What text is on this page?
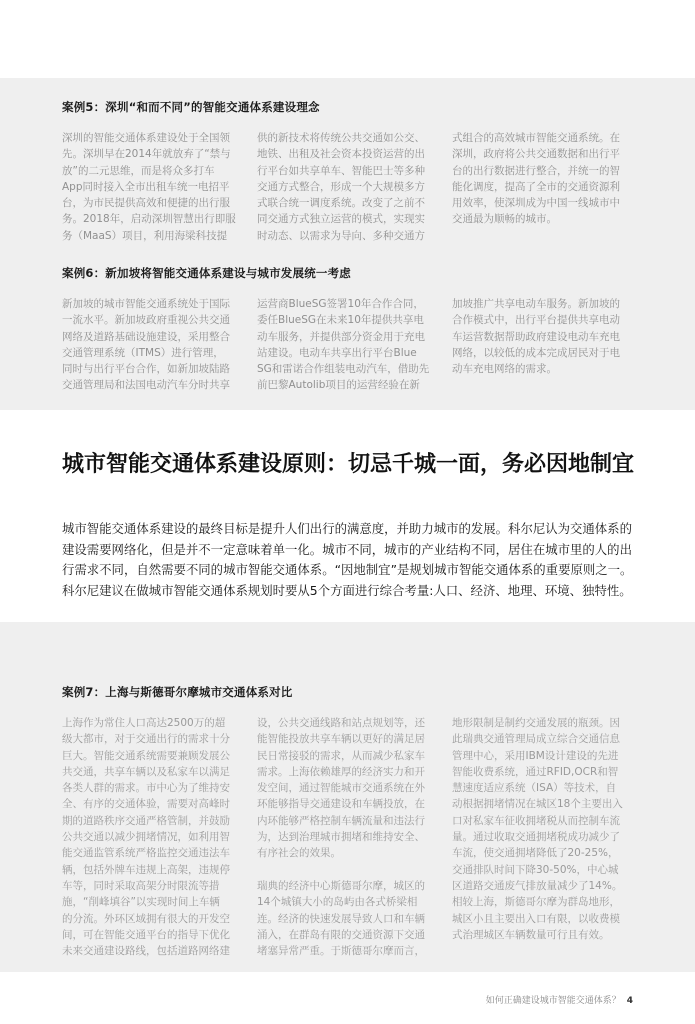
案例5：深圳“和而不同”的智能交通体系建设理念
深圳的智能交通体系建设处于全国领
先。深圳早在2014年就放弃了“禁与
放”的二元思维，而是将众多打车
App同时接入全市出租车统一电招平
台，为市民提供高效和便捷的出行服
务。2018年，启动深圳智慧出行即服
务（MaaS）项目，利用海梁科技提
供的新技术将传统公共交通如公交、
地铁、出租及社会资本投资运营的出
行平台如共享单车、智能巴士等多种
交通方式整合，形成一个大规模多方
式联合统一调度系统。改变了之前不
同交通方式独立运营的模式，实现实
时动态、以需求为导向、多种交通方
式组合的高效城市智能交通系统。在
深圳，政府将公共交通数据和出行平
台的出行数据进行整合，并统一的智
能化调度，提高了全市的交通资源利
用效率，使深圳成为中国一线城市中
交通最为顺畅的城市。
案例6：新加坡将智能交通体系建设与城市发展统一考虑
新加坡的城市智能交通系统处于国际
一流水平。新加坡政府重视公共交通
网络及道路基础设施建设，采用整合
交通管理系统（ITMS）进行管理，
同时与出行平台合作，如新加坡陆路
交通管理局和法国电动汽车分时共享
运营商BlueSG签署10年合作合同，
委任BlueSG在未来10年提供共享电
动车服务，并提供部分资金用于充电
站建设。电动车共享出行平台Blue
SG和雷诺合作组装电动汽车，借助先
前巴黎Autolib项目的运营经验在新
加坡推广共享电动车服务。新加坡的
合作模式中，出行平台提供共享电动
车运营数据帮助政府建设电动车充电
网络，以较低的成本完成居民对于电
动车充电网络的需求。
城市智能交通体系建设原则：切忌千城一面，务必因地制宜
城市智能交通体系建设的最终目标是提升人们出行的满意度，并助力城市的发展。科尔尼认为交通体系的建设需要网络化，但是并不一定意味着单一化。城市不同，城市的产业结构不同，居住在城市里的人的出行需求不同，自然需要不同的城市智能交通体系。“因地制宜”是规划城市智能交通体系的重要原则之一。科尔尼建议在做城市智能交通体系规划时要从5个方面进行综合考量:人口、经济、地理、环境、独特性。
案例7：上海与斯德哥尔摩城市交通体系对比
上海作为常住人口高达2500万的超
级大都市，对于交通出行的需求十分
巨大。智能交通系统需要兼顾发展公
共交通，共享车辆以及私家车以满足
各类人群的需求。市中心为了维持安
全、有序的交通体验，需要对高峰时
期的道路秩序交通严格管制，并鼓励
公共交通以减少拥堵情况，如利用智
能交通监管系统严格监控交通违法车
辆，包括外牌车违规上高架，违规停
车等，同时采取高架分时限流等措
施，“削峰填谷”以实现时间上车辆
的分流。外环区域拥有很大的开发空
间，可在智能交通平台的指导下优化
未来交通建设路线，包括道路网络建
设，公共交通线路和站点规划等，还
能智能投放共享车辆以更好的满足居
民日常接驳的需求，从而减少私家车
需求。上海依赖雄厚的经济实力和开
发空间，通过智能城市交通系统在外
环能够指导交通建设和车辆投放，在
内环能够严格控制车辆流量和违法行
为，达到治理城市拥堵和维持安全、
有序社会的效果。

瑞典的经济中心斯德哥尔摩，城区的
14个城镇大小的岛屿由各式桥梁相
连。经济的快速发展导致人口和车辆
涌入，在群岛有限的交通资源下交通
堵塞异常严重。于斯德哥尔摩而言，
地形限制是制约交通发展的瓶颈。因
此瑞典交通管理局成立综合交通信息
管理中心，采用IBM设计建设的先进
智能收费系统，通过RFID,OCR和智
慧速度适应系统（ISA）等技术，自
动根据拥堵情况在城区18个主要出入
口对私家车征收拥堵税从而控制车流
量。通过收取交通拥堵税成功减少了
车流，使交通拥堵降低了20-25%，
交通排队时间下降30-50%，中心城
区道路交通废气排放量减少了14%。
相较上海，斯德哥尔摩为群岛地形，
城区小且主要出入口有限，以收费模
式治理城区车辆数量可行且有效。
如何正确建设城市智能交通体系？ 4
